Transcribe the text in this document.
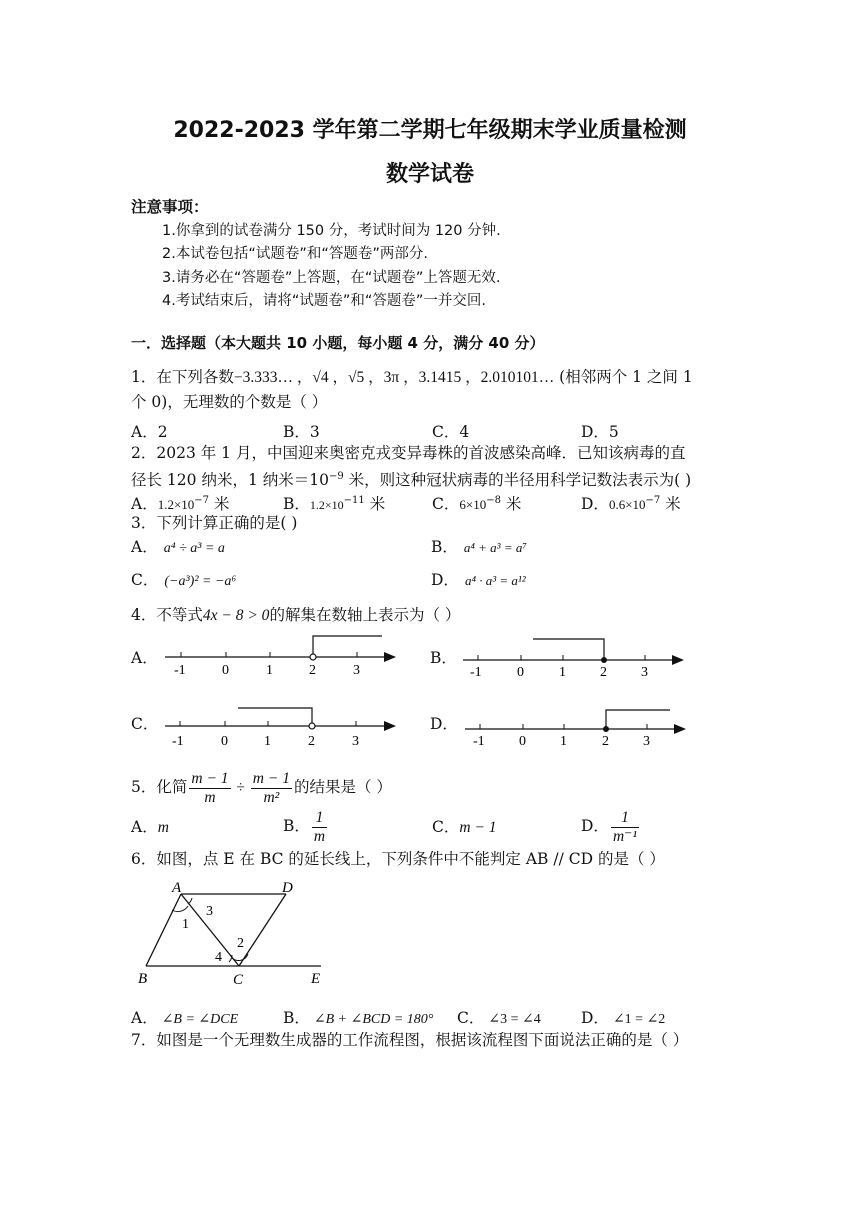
2022-2023 学年第二学期七年级期末学业质量检测
数学试卷
注意事项：
1.你拿到的试卷满分 150 分，考试时间为 120 分钟.
2.本试卷包括“试题卷”和“答题卷”两部分.
3.请务必在“答题卷”上答题，在“试题卷”上答题无效.
4.考试结束后，请将“试题卷”和“答题卷”一并交回.
一．选择题（本大题共 10 小题，每小题 4 分，满分 40 分）
1．在下列各数−3.333… ，√4 ，√5 ，3π ，3.1415 ，2.010101… (相邻两个 1 之间 1
个 0)，无理数的个数是（ ）
A．2	B．3	C．4	D．5
2．2023 年 1 月，中国迎来奥密克戎变异毒株的首波感染高峰．已知该病毒的直
径长 120 纳米，1 纳米$=10^{-9}$ 米，则这种冠状病毒的半径用科学记数法表示为( )
A．$1.2\times 10^{-7}$ 米	B．$1.2\times 10^{-11}$ 米	C．$6\times 10^{-8}$ 米	D．$0.6\times 10^{-7}$ 米
3．下列计算正确的是( )
A． a⁴ ÷ a³ = a	B． a⁴ + a³ = a⁷
C． (−a³)² = −a⁶	D． a⁴ · a³ = a¹²
4．不等式4x − 8 > 0的解集在数轴上表示为（ ）
A．	B．
C．	D．
-1	0	1	2	3	-1	0	1 2 3
-1	0	1	2	3	-1 0 1	2 3
5．化简 $\frac{m - 1}{m} \div \frac{m - 1}{\text{m²}}$ 的结果是（ ）
A．m	B． $\frac{1}{m}$	C．m − 1	D． $\frac{1}{\text{m⁻¹}}$
6．如图，点 E 在 BC 的延长线上，下列条件中不能判定 AB // CD 的是（ ）
A	D
B	C	E
1
2
3
4
A． ∠B = ∠DCE	B． ∠B + ∠BCD = 180° C． ∠3 = ∠4	D． ∠1 = ∠2
7．如图是一个无理数生成器的工作流程图，根据该流程图下面说法正确的是（ ）
